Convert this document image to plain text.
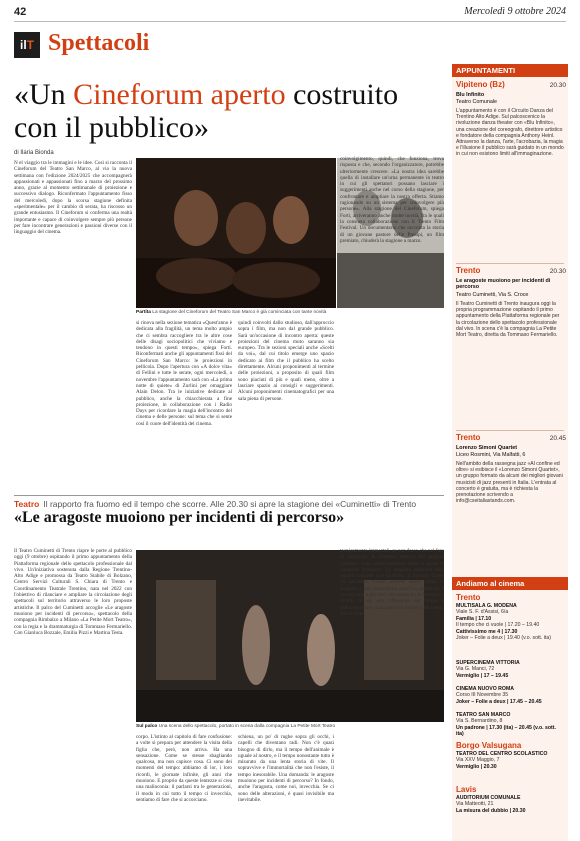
42	Mercoledì 9 ottobre 2024
ilT Spettacoli
«Un Cineforum aperto costruito con il pubblico»
di Ilaria Bionda
N el viaggio tra le immagini e le idee. Così si racconta il Cineforum del Teatro San Marco, al via la nuova settimana con l'edizione 2024/2025 che accompagnerà appassionati e appassionati fino a marzo del prossimo anno, grazie al momento settimanale di proiezione e successivo dialogo. Riconfermato l'appuntamento fisso del mercoledì, dopo la scorsa stagione definita «sperimentale» per il cambio di serata, ha riscosso un grande entusiasmo. Il Cineforum si conferma una realtà importante e capace di coinvolgere sempre più persone per fare incontrare generazioni e passioni diverse con il linguaggio del cinema.
Partita La stagione del Cineforum del Teatro San Marco è già cominciata con tante novità
si rinova nella sezione tematica «Quest'anno è dedicata alla fragilità, un tema molto ampio che ci sembra raccogliere tra le altre cose delle disagi sociopolitici che viviamo e tendono in questi tempo», spiega Forti. Riconfermati anche gli appuntamenti fissi del Cineforum San Marco: le proiezioni in pellicola. Dopo l'apertura con «A dolce vita» di Fellini e tutte le serate, ogni mercoledì, a novembre l'appuntamento sarà con «La prima notte di quiete» di Zurlini per omaggiare Alain Delon. Tra le iniziative dedicate al pubblico, anche la chiacchierata a fine proiezione, in collaborazione con i Radio Days per ricordare la magia dell'incontro del cinema e delle persone: sul tema che si sente così il cuore dell'identità del cinema.
quindi coinvolti dallo studioso, dall'approccio sopra i film, ma non dal grande pubblico. Sarà un'occasione di incontro aperta: queste proiezioni del cinema muto saranno sia europeo. Tra le sezioni speciali anche «Scelti da voi», dal cui titolo emerge uno spazio dedicato ai film che il pubblico ha scelto direttamente. Alcuni proponimenti al termine delle proiezioni, a proposito di quali film sono piaciuti di più e quali meno, oltre a lasciare spazio ai consigli e suggerimenti. Alcuni proponimenti cinematografici per una sala piena di persone.
coinvolgimento, quindi, che funziona, trova risposta e che, secondo l'organizzatore, potrebbe ulteriormente crescere. «La nostra idea sarebbe quella di installare un'urna permanente in teatro in cui gli spettatori possano lasciare i suggerimenti anche nel corso della stagione, per confrontare e ampliare la nostra offerta. Stiamo ragionando su un sistema per coinvolgere più persone». Alla stagione del Cineforum, spiega Forti, arriveranno anche molte novità, fra le quali la consueta collaborazione con il Trento Film Festival. Un documentario che racconta la storia di un giovane pastore delle Prealpi, un film premiato, chiuderà la stagione a marzo.
Teatro Il rapporto fra fuomo ed il tempo che scorre. Alle 20.30 si apre la stagione dei «Cuminetti» di Trento
«Le aragoste muoiono per incidenti di percorso»
Il Teatro Cuminetti di Trento riapre le porte al pubblico oggi (9 ottobre) ospitando il primo appuntamento della Piattaforma regionale dello spettacolo professionale dal vivo. Un'iniziativa sostenuta dalla Regione Trentino-Alto Adige e promossa da Teatro Stabile di Bolzano, Centro Servizi Culturali S. Chiara di Trento e Coordinamento Teatrale Trentino, nata nel 2022 con l'obiettivo di rilanciare e ampliare la circolazione degli spettacoli sul territorio attraverso le loro proposte artistiche. Il palco del Cuminetti accoglie «Le aragoste muoiono per incidenti di percorso», spettacolo della compagnia Rimbalzo a Milano «La Petite Mort Teatro», con la regia e la drammaturgia di Tommaso Fermariello. Con Gianluca Bozzale, Emilia Pizzi e Martina Testa.
Sul palco Una scena dello spettacolo, portato in scena dalla compagnia La Petite Mort Teatro
corpo. L'istinto al capitolo di fare confusione: a volte si prepara per attendere la visita della figlia che, però, non arriva. Ha una sensazione. Come se stesse sbagliando qualcosa, ma non capisce cosa. Ci sono dei momenti del tempo: abbiamo di lor, i loro ricordi, le giornate infinite, gli anni che muoiono. E proprio da queste lentezze si crea una malinconia: il parlarsi tra le generazioni, il modo in cui tutto il tempo ci invecchia, sentiamo di fare che si accorciano.
schiena, un po' di rughe sopra gli occhi, i capelli che diventano radi. Non c'è quasi bisogno di dirlo, ma il tempo dell'animale è uguale al nostro, e il tempo nonostante tutto è misurato da una lenta storia di vite. Il sopravvive e l'immortalità che non l'esiste, il tempo inesorabile. Una domanda: le aragoste muoiono per incidenti di percorso? In fondo, anche l'aragosta, come noi, invecchia. Se ci sono delle alterazioni, è quasi invisibile ma inevitabile.
tecnicamente immortali, se non fosse che nel fare di rinnovare la struttura esterna del proprio scheletro sono particolarmente inerti e preda di numerosi predatori. Le aragoste muoiono solo quando succede loro qualcosa di fortuito. Come un incidente. Come sarebbe essere come le aragoste e non invecchiare mai? Lo spettacolo è un racconto a più voci, che scava tra le fratture e i ricordi di sé, una riflessione sul tempo e sull'invecchiare, sulla paura di morire e sul tempo che ci resta.
APPUNTAMENTI
Vipiteno (Bz)	20.30
Blu Infinito
Teatro Comunale
L'appuntamento è con il Circuito Danza del Trentino Alto Adige. Sul palcoscenico la rivoluzione danza theater con «Blu Infinito», una creazione del coreografo, direttore artistico e fondatore della compagnia Anthony Heinl. Attraverso la danza, l'arte, l'acrobazia, la magia e l'illusione il pubblico sarà guidato in un mondo in cui non esistono limiti all'immaginazione.
Trento	20.30
Le aragoste muoiono per incidenti di percorso
Teatro Cuminetti, Via S. Croce
Il Teatro Cuminetti di Trento inaugura oggi la propria programmazione ospitando il primo appuntamento della Piattaforma regionale per la circolazione dello spettacolo professionale dal vivo. In scena c'è la compagnia La Petite Mort Teatro, diretta da Tommaso Fermariello.
Trento	20.45
Lorenzo Simoni Quartet
Liceo Rosmini, Via Malfatti, 6
Nell'ambito della rassegna jazz «Al confine ed oltre» si esibisce il «Lorenzo Simoni Quartet», un gruppo formato da alcuni dei migliori giovani musicisti di jazz presenti in Italia. L'entrata al concerto è gratuita, ma è richiesta la prenotazione scrivendo a info@cseitaliastands.com.
Andiamo al cinema
Trento
MULTISALA G. MODENA
Viale S. F. d'Assisi, 6/a
Familia | 17.10
Il tempo che ci vuole | 17.20 – 19.40
Cattivissimo me 4 | 17.30
Joker – Folie a deux | 19.40 (v.o. sott. ita)
SUPERCINEMA VITTORIA
Via G. Manci, 72
Vermiglio | 17 – 19.45
CINEMA NUOVO ROMA
Corso III Novembre 35
Joker – Folie a deux | 17.45 – 20.45
TEATRO SAN MARCO
Via S. Bernardino, 8
Un padrone | 17.30 (ita) – 20.45 (v.o. sott. ita)
Borgo Valsugana
TEATRO DEL CENTRO SCOLASTICO
Via XXV Maggio, 7
Vermiglio | 20.30
Lavis
AUDITORIUM COMUNALE
Via Matteotti, 21
La misura del dubbio | 20.30
